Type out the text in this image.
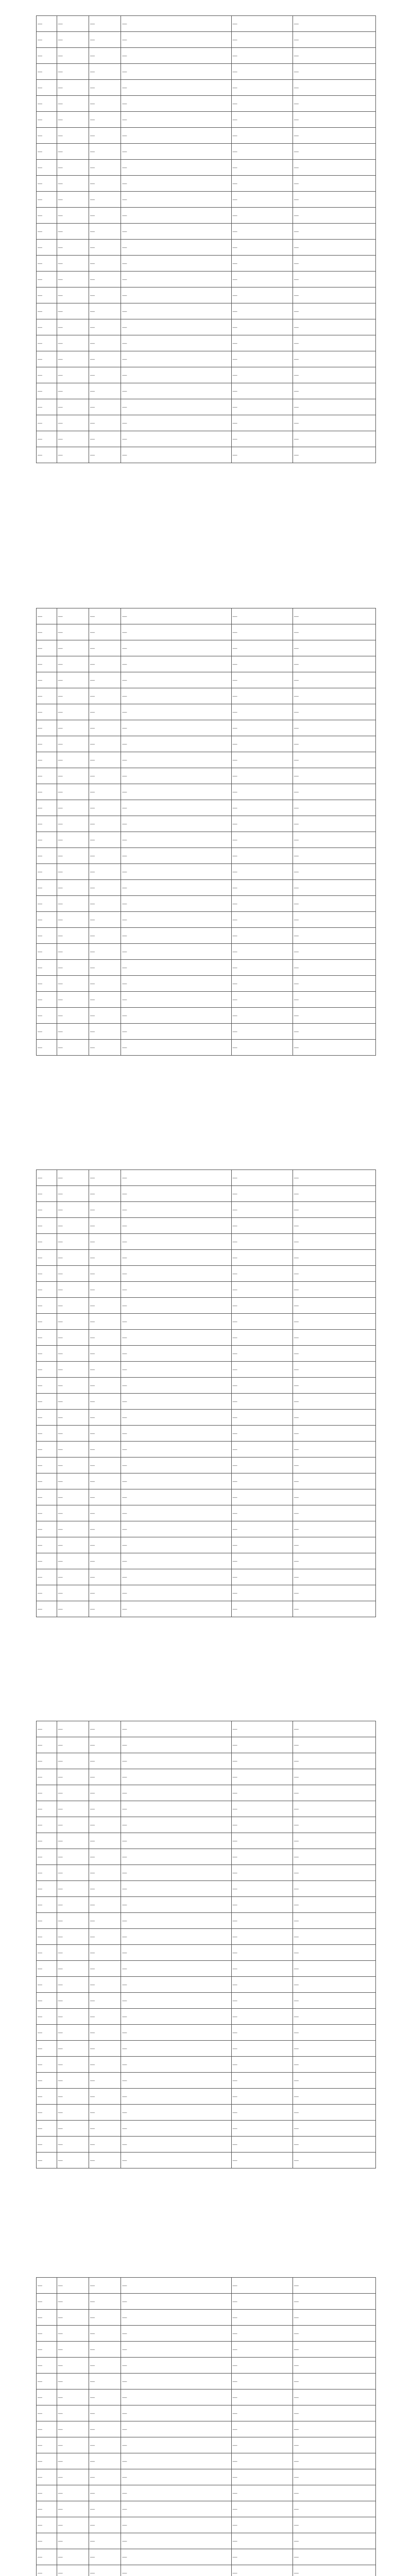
—	—	—	—	—	—
—	—	—	—	—	—
—	—	—	—	—	—
—	—	—	—	—	—
—	—	—	—	—	—
—	—	—	—	—	—
—	—	—	—	—	—
—	—	—	—	—	—
—	—	—	—	—	—
—	—	—	—	—	—
—	—	—	—	—	—
—	—	—	—	—	—
—	—	—	—	—	—
—	—	—	—	—	—
—	—	—	—	—	—
—	—	—	—	—	—
—	—	—	—	—	—
—	—	—	—	—	—
—	—	—	—	—	—
—	—	—	—	—	—
—	—	—	—	—	—
—	—	—	—	—	—
—	—	—	—	—	—
—	—	—	—	—	—
—	—	—	—	—	—
—	—	—	—	—	—
—	—	—	—	—	—
—	—	—	—	—	—
—	—	—	—	—	—
—	—	—	—	—	—
—	—	—	—	—	—
—	—	—	—	—	—
—	—	—	—	—	—
—	—	—	—	—	—
—	—	—	—	—	—
—	—	—	—	—	—
—	—	—	—	—	—
—	—	—	—	—	—
—	—	—	—	—	—
—	—	—	—	—	—
—	—	—	—	—	—
—	—	—	—	—	—
—	—	—	—	—	—
—	—	—	—	—	—
—	—	—	—	—	—
—	—	—	—	—	—
—	—	—	—	—	—
—	—	—	—	—	—
—	—	—	—	—	—
—	—	—	—	—	—
—	—	—	—	—	—
—	—	—	—	—	—
—	—	—	—	—	—
—	—	—	—	—	—
—	—	—	—	—	—
—	—	—	—	—	—
—	—	—	—	—	—
—	—	—	—	—	—
—	—	—	—	—	—
—	—	—	—	—	—
—	—	—	—	—	—
—	—	—	—	—	—
—	—	—	—	—	—
—	—	—	—	—	—
—	—	—	—	—	—
—	—	—	—	—	—
—	—	—	—	—	—
—	—	—	—	—	—
—	—	—	—	—	—
—	—	—	—	—	—
—	—	—	—	—	—
—	—	—	—	—	—
—	—	—	—	—	—
—	—	—	—	—	—
—	—	—	—	—	—
—	—	—	—	—	—
—	—	—	—	—	—
—	—	—	—	—	—
—	—	—	—	—	—
—	—	—	—	—	—
—	—	—	—	—	—
—	—	—	—	—	—
—	—	—	—	—	—
—	—	—	—	—	—
—	—	—	—	—	—
—	—	—	—	—	—
—	—	—	—	—	—
—	—	—	—	—	—
—	—	—	—	—	—
—	—	—	—	—	—
—	—	—	—	—	—
—	—	—	—	—	—
—	—	—	—	—	—
—	—	—	—	—	—
—	—	—	—	—	—
—	—	—	—	—	—
—	—	—	—	—	—
—	—	—	—	—	—
—	—	—	—	—	—
—	—	—	—	—	—
—	—	—	—	—	—
—	—	—	—	—	—
—	—	—	—	—	—
—	—	—	—	—	—
—	—	—	—	—	—
—	—	—	—	—	—
—	—	—	—	—	—
—	—	—	—	—	—
—	—	—	—	—	—
—	—	—	—	—	—
—	—	—	—	—	—
—	—	—	—	—	—
—	—	—	—	—	—
—	—	—	—	—	—
—	—	—	—	—	—
—	—	—	—	—	—
—	—	—	—	—	—
—	—	—	—	—	—
—	—	—	—	—	—
—	—	—	—	—	—
—	—	—	—	—	—
—	—	—	—	—	—
—	—	—	—	—	—
—	—	—	—	—	—
—	—	—	—	—	—
—	—	—	—	—	—
—	—	—	—	—	—
—	—	—	—	—	—
—	—	—	—	—	—
—	—	—	—	—	—
—	—	—	—	—	—
